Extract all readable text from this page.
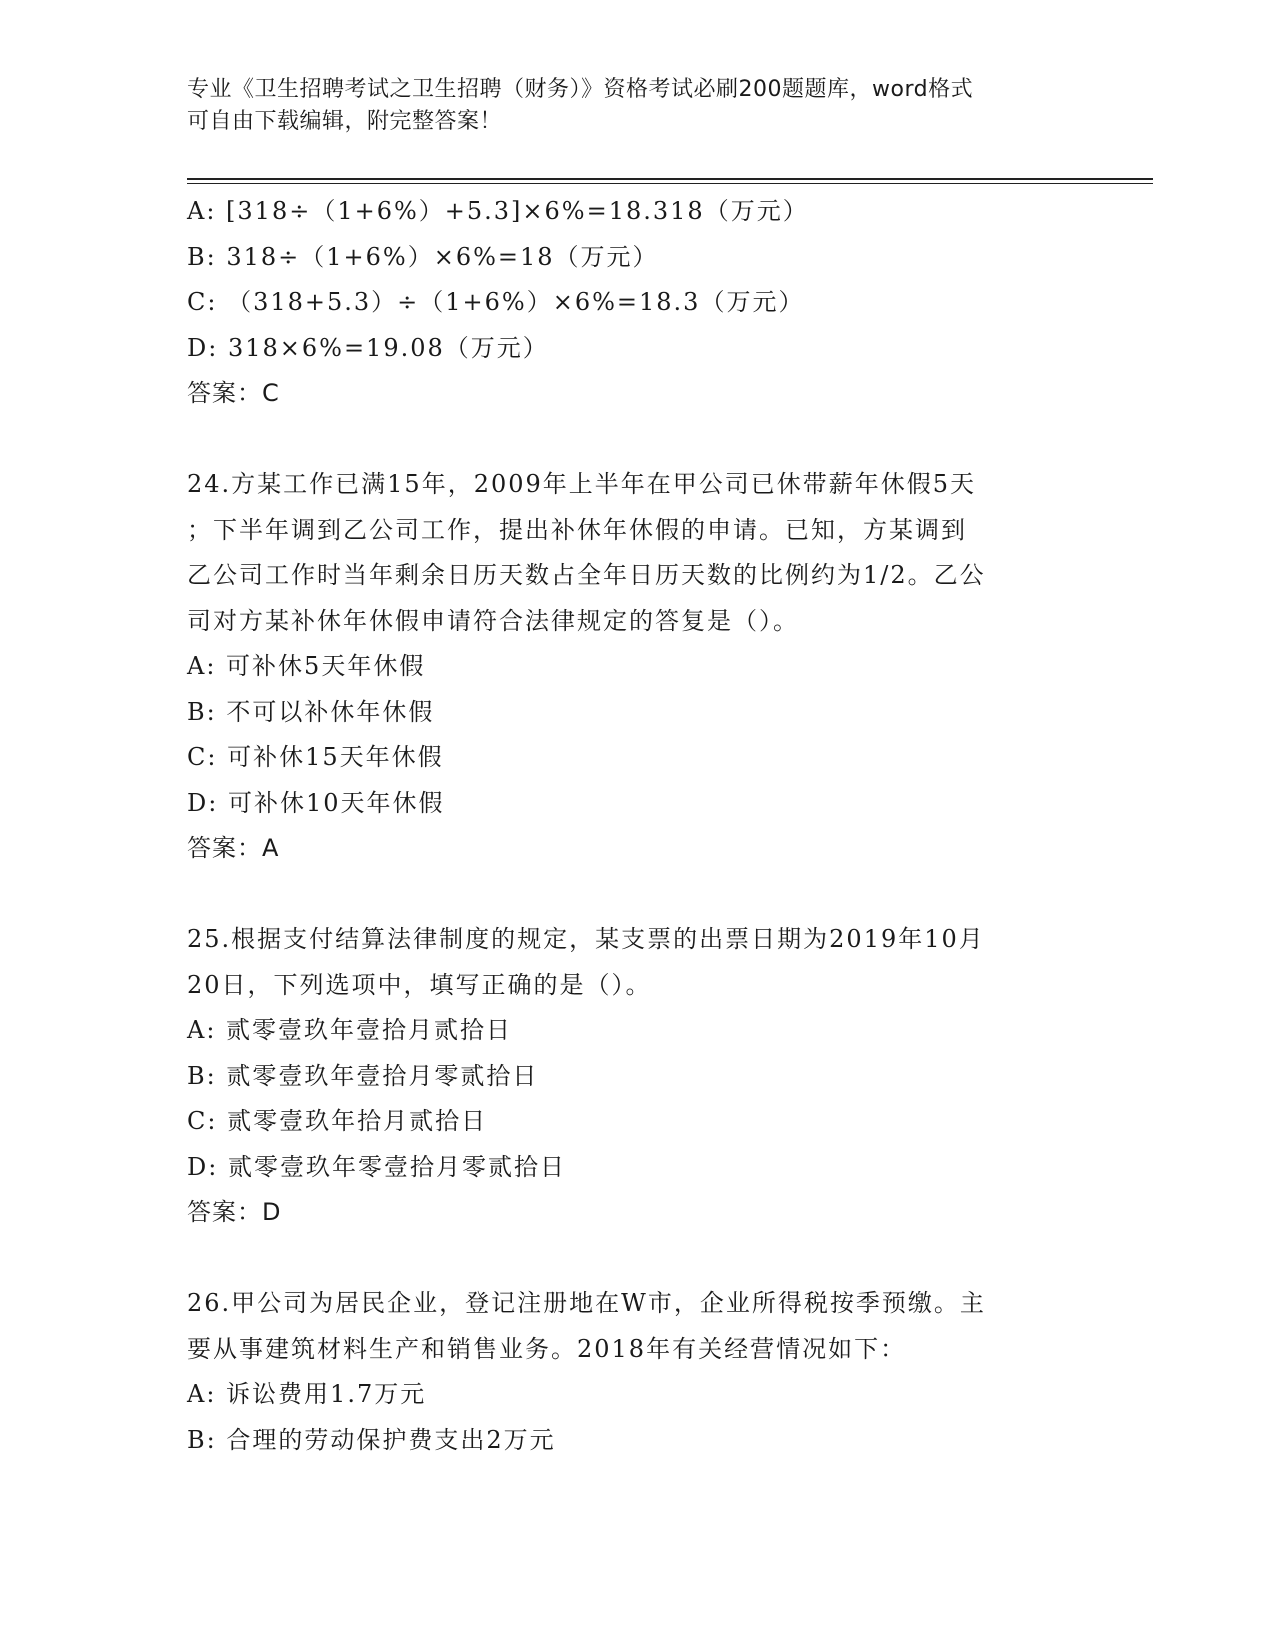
专业《卫生招聘考试之卫生招聘（财务）》资格考试必刷200题题库，word格式
可自由下载编辑，附完整答案！
A: [318÷（1+6%）+5.3]×6%=18.318（万元）
B: 318÷（1+6%）×6%=18（万元）
C: （318+5.3）÷（1+6%）×6%=18.3（万元）
D: 318×6%=19.08（万元）
答案：C
24.方某工作已满15年，2009年上半年在甲公司已休带薪年休假5天
；下半年调到乙公司工作，提出补休年休假的申请。已知，方某调到
乙公司工作时当年剩余日历天数占全年日历天数的比例约为1/2。乙公
司对方某补休年休假申请符合法律规定的答复是（）。
A: 可补休5天年休假
B: 不可以补休年休假
C: 可补休15天年休假
D: 可补休10天年休假
答案：A
25.根据支付结算法律制度的规定，某支票的出票日期为2019年10月
20日，下列选项中，填写正确的是（）。
A: 贰零壹玖年壹拾月贰拾日
B: 贰零壹玖年壹拾月零贰拾日
C: 贰零壹玖年拾月贰拾日
D: 贰零壹玖年零壹拾月零贰拾日
答案：D
26.甲公司为居民企业，登记注册地在W市，企业所得税按季预缴。主
要从事建筑材料生产和销售业务。2018年有关经营情况如下：
A: 诉讼费用1.7万元
B: 合理的劳动保护费支出2万元
